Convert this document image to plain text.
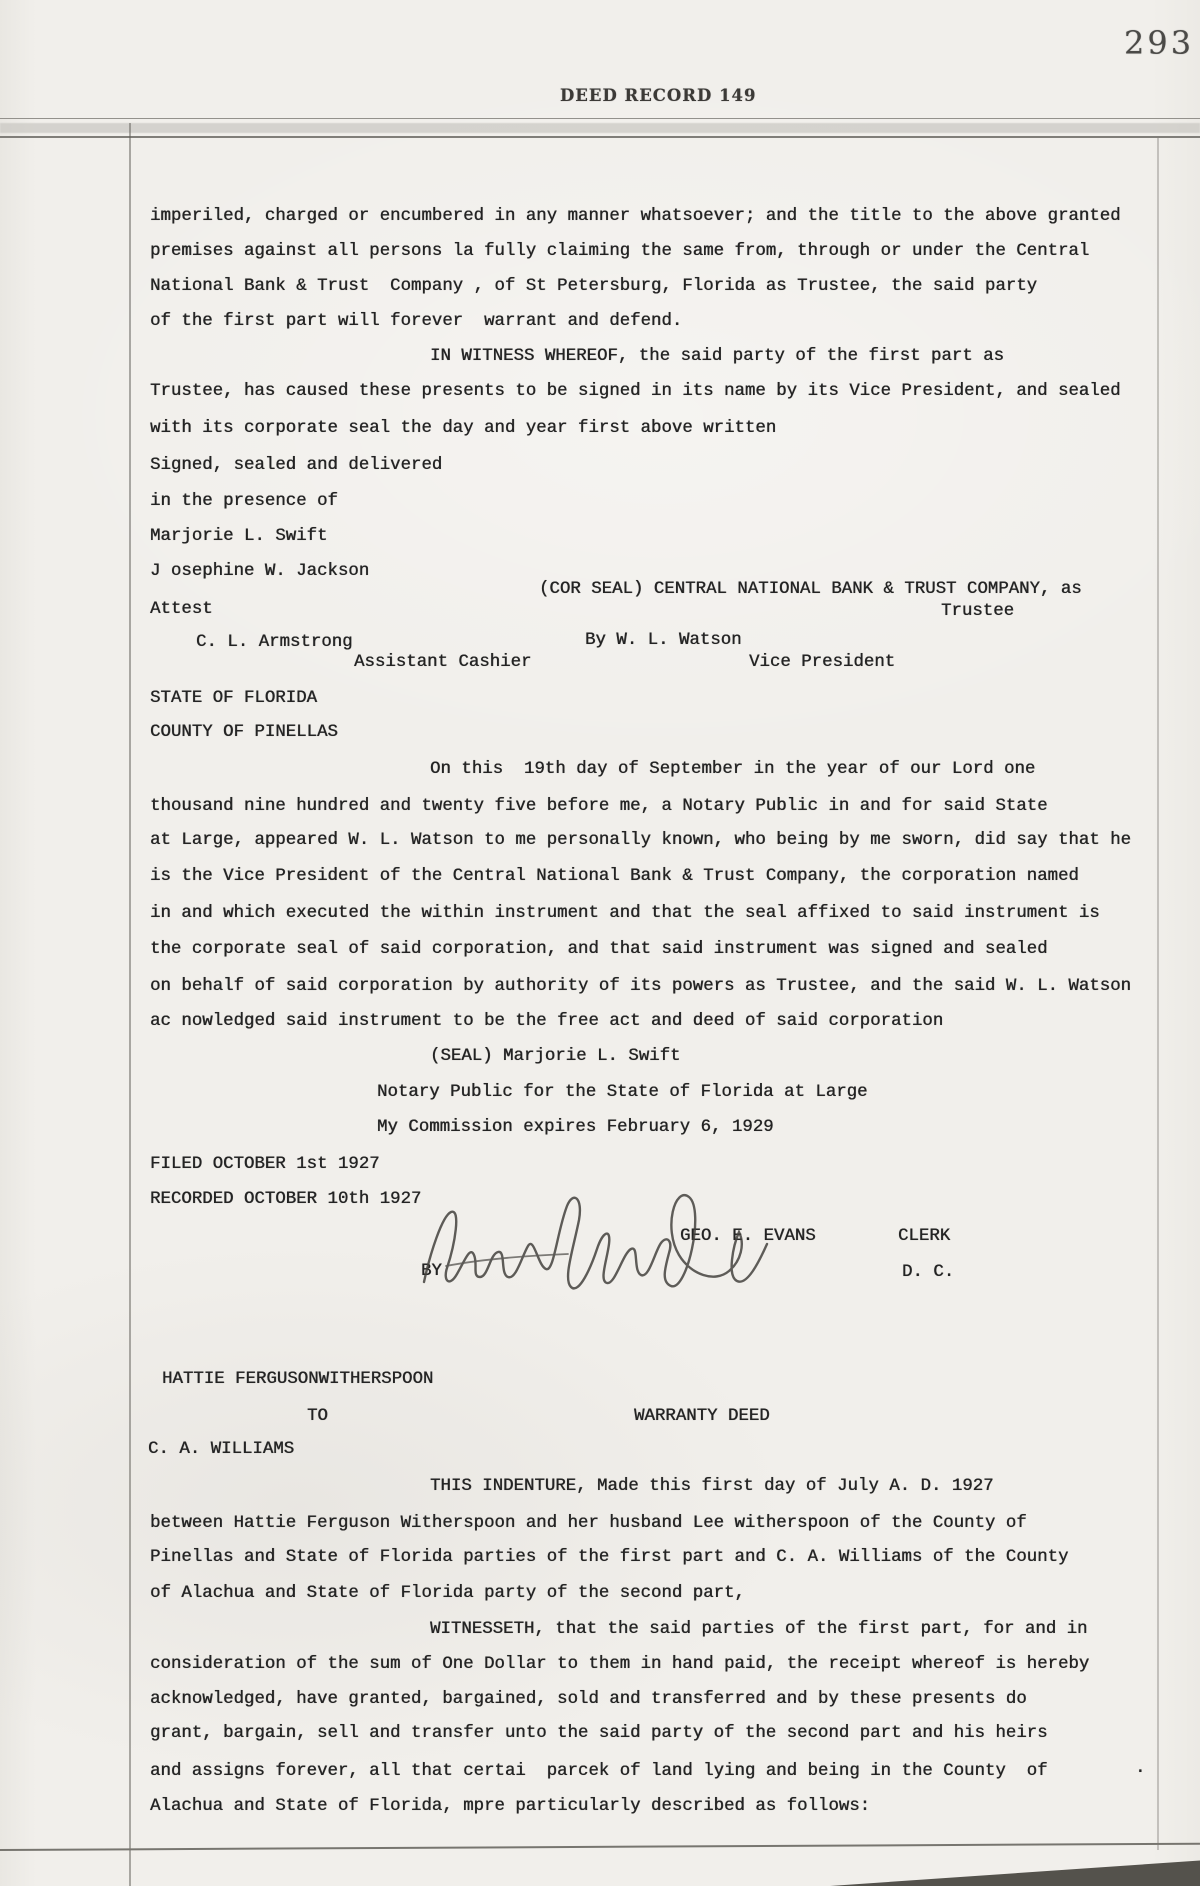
293
DEED RECORD 149
imperiled, charged or encumbered in any manner whatsoever; and the title to the above granted
premises against all persons la fully claiming the same from, through or under the Central
National Bank & Trust  Company , of St Petersburg, Florida as Trustee, the said party
of the first part will forever  warrant and defend.
IN WITNESS WHEREOF, the said party of the first part as
Trustee, has caused these presents to be signed in its name by its Vice President, and sealed
with its corporate seal the day and year first above written
Signed, sealed and delivered
in the presence of
Marjorie L. Swift
J osephine W. Jackson
(COR SEAL) CENTRAL NATIONAL BANK & TRUST COMPANY, as
Attest	Trustee
C. L. Armstrong	By W. L. Watson
Assistant Cashier	Vice President
STATE OF FLORIDA
COUNTY OF PINELLAS
On this  19th day of September in the year of our Lord one
thousand nine hundred and twenty five before me, a Notary Public in and for said State
at Large, appeared W. L. Watson to me personally known, who being by me sworn, did say that he
is the Vice President of the Central National Bank & Trust Company, the corporation named
in and which executed the within instrument and that the seal affixed to said instrument is
the corporate seal of said corporation, and that said instrument was signed and sealed
on behalf of said corporation by authority of its powers as Trustee, and the said W. L. Watson
ac nowledged said instrument to be the free act and deed of said corporation
(SEAL) Marjorie L. Swift
Notary Public for the State of Florida at Large
My Commission expires February 6, 1929
FILED OCTOBER 1st 1927
RECORDED OCTOBER 10th 1927
BY
GEO. E. EVANS	CLERK
D. C.
HATTIE FERGUSONWITHERSPOON
TO	WARRANTY DEED
C. A. WILLIAMS
THIS INDENTURE, Made this first day of July A. D. 1927
between Hattie Ferguson Witherspoon and her husband Lee witherspoon of the County of
Pinellas and State of Florida parties of the first part and C. A. Williams of the County
of Alachua and State of Florida party of the second part,
WITNESSETH, that the said parties of the first part, for and in
consideration of the sum of One Dollar to them in hand paid, the receipt whereof is hereby
acknowledged, have granted, bargained, sold and transferred and by these presents do
grant, bargain, sell and transfer unto the said party of the second part and his heirs
and assigns forever, all that certai  parcek of land lying and being in the County  of
Alachua and State of Florida, mpre particularly described as follows:
.
